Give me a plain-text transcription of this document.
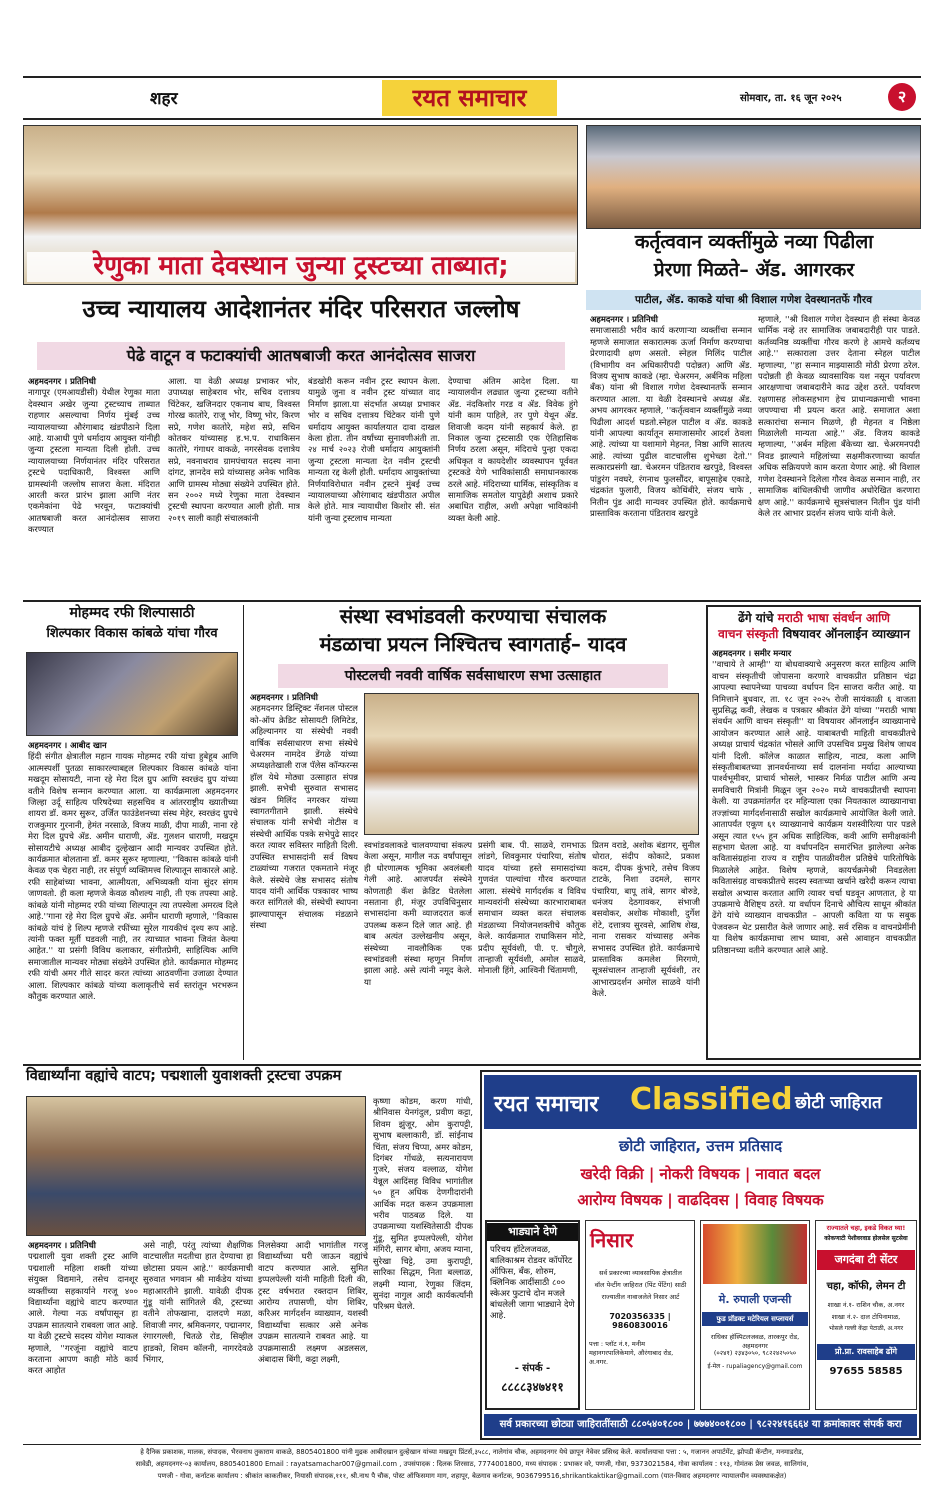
शहर	रयत समाचार	सोमवार, ता. १६ जून २०२५	२
रेणुका माता देवस्थान जुन्या ट्रस्टच्या ताब्यात;
उच्च न्यायालय आदेशानंतर मंदिर परिसरात जल्लोष
पेढे वाटून व फटाक्यांची आतषबाजी करत आनंदोत्सव साजरा
अहमदनगर । प्रतिनिधी
नागापूर (एमआयडीसी) येथील रेणुका माता देवस्थान अखेर जुन्या ट्रस्टच्याच ताब्यात राहणार असल्याचा निर्णय मुंबई उच्च न्यायालयाच्या औरंगाबाद खंडपीठाने दिला आहे. याआधी पुणे धर्मादाय आयुक्त यांनीही जुन्या ट्रस्टला मान्यता दिली होती. उच्च न्यायालयाच्या निर्णयानंतर मंदिर परिसरात ट्रस्टचे पदाधिकारी, विश्वस्त आणि ग्रामस्थांनी जल्लोष साजरा केला. मंदिरात आरती करत प्रारंभ झाला आणि नंतर एकमेकांना पेढे भरवून, फटाक्यांची आतषबाजी करत आनंदोत्सव साजरा करण्यात
आला. या वेळी अध्यक्ष प्रभाकर भोर, उपाध्यक्ष साहेबराव भोर, सचिव दत्तात्रय चिंटेकर, खजिनदार एकनाथ बाघ, विश्वस्त गोरख कातोरे, राजू भोर, विष्णू भोर, किरण सप्रे, गणेश कातोरे, महेश सप्रे, सचिन कोतकर यांच्यासह ह.भ.प. राधाकिसन कातोरे, गंगाधर वाकळे, नगरसेवक दत्तात्रेय सप्रे, नवनाथराव ग्रामपंचायत सदस्य नाना दांगट, ज्ञानदेव सप्रे यांच्यासह अनेक भाविक आणि ग्रामस्थ मोठ्या संख्येने उपस्थित होते. सन २००२ मध्ये रेणुका माता देवस्थान ट्रस्टची स्थापना करण्यात आली होती. मात्र २०१९ साली काही संचालकांनी
बंडखोरी करून नवीन ट्रस्ट स्थापन केला. यामुळे जुना व नवीन ट्रस्ट यांच्यात वाद निर्माण झाला.या संदर्भात अध्यक्ष प्रभाकर भोर व सचिव दत्तात्रय चिंटेकर यांनी पुणे धर्मादाय आयुक्त कार्यालयात दावा दाखल केला होता. तीन वर्षांच्या सुनावणीअंती ता. २४ मार्च २०२३ रोजी धर्मादाय आयुक्तांनी जुन्या ट्रस्टला मान्यता देत नवीन ट्रस्टची मान्यता रद्द केली होती. धर्मादाय आयुक्तांच्या निर्णयाविरोधात नवीन ट्रस्टने मुंबई उच्च न्यायालयाच्या औरंगाबाद खंडपीठात अपील केले होते. मात्र न्यायाधीश किशोर सी. संत यांनी जुन्या ट्रस्टलाच मान्यता
देण्याचा अंतिम आदेश दिला. या न्यायालयीन लढ्यात जुन्या ट्रस्टच्या वतीने ॲड. नंदकिशोर गरड व ॲड. विवेक हुंगे यांनी काम पाहिले, तर पुणे येथून ॲड. शिवाजी कदम यांनी सहकार्य केले. हा निकाल जुन्या ट्रस्टसाठी एक ऐतिहासिक निर्णय ठरला असून, मंदिराचे पुन्हा एकदा अधिकृत व कायदेशीर व्यवस्थापन पूर्ववत ट्रस्टकडे येणे भाविकांसाठी समाधानकारक ठरले आहे. मंदिराच्या धार्मिक, सांस्कृतिक व सामाजिक समतोल यापुढेही अशाच प्रकारे अबाधित राहील, अशी अपेक्षा भाविकांनी व्यक्त केली आहे.
कर्तृत्ववान व्यक्तींमुळे नव्या पिढीला
प्रेरणा मिळते– ॲड. आगरकर
पाटील, ॲड. काकडे यांचा श्री विशाल गणेश देवस्थानतर्फे गौरव
अहमदनगर । प्रतिनिधी
समाजासाठी भरीव कार्य करणाऱ्या व्यक्तींचा सन्मान म्हणजे समाजात सकारात्मक ऊर्जा निर्माण करण्याचा प्रेरणादायी क्षण असतो. स्नेहल मिलिंद पाटील (विभागीय वन अधिकारीपदी पदोन्नत) आणि ॲड. विजय सुभाष काकडे (म्हा. चेअरमन, अर्बनिक महिला बँक) यांना श्री विशाल गणेश देवस्थानतर्फे सन्मान करण्यात आला. या वेळी देवस्थानचे अध्यक्ष ॲड. अभय आगरकर म्हणाले, ''कर्तृत्ववान व्यक्तींमुळे नव्या पिढीला आदर्श घडतो.स्नेहल पाटील व ॲड. काकडे यांनी आपल्या कार्यातून समाजासमोर आदर्श ठेवला आहे. त्यांच्या या यशामागे मेहनत, निष्ठा आणि सातत्य आहे. त्यांच्या पुढील वाटचालीस शुभेच्छा देतो.'' सत्कारप्रसंगी खा. चेअरमन पंडितराव खरपुडे, विश्वस्त पांडुरंग नवघरे, रंगनाथ फुलसौंदर, बापूसाहेब एकाडे, चंद्रकांत फुलारी, विजय कोथिंबीरे, संजय चाफे , नितीन पुंड आदी मान्यवर उपस्थित होते. कार्यक्रमाचे प्रास्ताविक करताना पंडितराव खरपुडे
म्हणाले, ''श्री विशाल गणेश देवस्थान ही संस्था केवळ धार्मिक नव्हे तर सामाजिक जबाबदारीही पार पाडते. कर्तव्यनिष्ठ व्यक्तींचा गौरव करणे हे आमचे कर्तव्यच आहे.'' सत्काराला उत्तर देताना स्नेहल पाटील म्हणाल्या, ''हा सन्मान माझ्यासाठी मोठी प्रेरणा ठरेल. पदोन्नती ही केवळ व्यावसायिक यश नसून पर्यावरण आरक्षणाचा जबाबदारीने काढ उद्देश ठरते. पर्यावरण रक्षणासह लोकसहभाग हेच प्राधान्यक्रमाची भावना जपण्याचा मी प्रयत्न करत आहे. समाजात अशा सत्कारांचा सन्मान मिळणे, ही मेहनत व निष्ठेला मिळालेली मान्यता आहे.'' ॲड. विजय काकडे म्हणाल्या, ''अर्बन महिला बँकेच्या खा. चेअरमनपदी निवड झाल्याने महिलांच्या सक्षमीकरणाच्या कार्यात अधिक सक्रियपणे काम करता येणार आहे. श्री विशाल गणेश देवस्थानने दिलेला गौरव केवळ सन्मान नाही, तर सामाजिक बांधिलकीची जाणीव अधोरेखित करणारा क्षण आहे.'' कार्यक्रमाचे सूत्रसंचालन नितीन पुंड यांनी केले तर आभार प्रदर्शन संजय चाफे यांनी केले.
मोहम्मद रफी शिल्पासाठी
शिल्पकार विकास कांबळे यांचा गौरव
अहमदनगर । आबीद खान
हिंदी संगीत क्षेत्रातील महान गायक मोहम्मद रफी यांचा हुबेहूब आणि आत्मस्पर्शी पुतळा साकारल्याबद्दल शिल्पकार विकास कांबळे यांना मखदूम सोसायटी, नाना रहे मेरा दिल ग्रुप आणि स्वरछंद ग्रुप यांच्या वतीने विशेष सन्मान करण्यात आला. या कार्यक्रमाला अहमदनगर जिल्हा उर्दू साहित्य परिषदेच्या सहसचिव व आंतरराष्ट्रीय ख्यातीच्या शायरा डॉ. कमर सुरूर, उर्जित फाउंडेशनच्या संस्थ मेहेर, स्वरछंद ग्रुपचे राजकुमार गुरनानी, हेमंत नरसाळे, विजय माळी, दीपा माळी, नाना रहे मेरा दिल ग्रुपचे ॲड. अमीन धाराणी, ॲड. गुलशन धाराणी, मखदूम सोसायटीचे अध्यक्ष आबीद दुल्हेखान आदी मान्यवर उपस्थित होते. कार्यक्रमात बोलताना डॉ. कमर सुरूर म्हणाल्या, ''विकास कांबळे यांनी केवळ एक चेहरा नाही, तर संपूर्ण व्यक्तिमत्त्व शिल्पातून साकारले आहे. रफी साहेबांच्या भावना, आत्मीयता, अभिव्यक्ती यांना सुंदर संगम जाणवतो. ही कला म्हणजे केवळ कौशल्य नाही, ती एक तपस्या आहे. कांबळे यांनी मोहम्मद रफी यांच्या शिल्पातून त्या तपस्येला अमरत्व दिले आहे.''गाना रहे मेरा दिल ग्रुपचे ॲड. अमीन धाराणी म्हणाले, ''विकास कांबळे यांचं हे शिल्प म्हणजे रफींच्या सुरेल गायकीचं दृश्य रूप आहे. त्यांनी फक्त मूर्ती घडवली नाही, तर त्याच्यात भावना जिवंत केल्या आहेत.'' या प्रसंगी विविध कलाकार, संगीतप्रेमी, साहित्यिक आणि समाजातील मान्यवर मोठ्या संख्येने उपस्थित होते. कार्यक्रमात मोहम्मद रफी यांची अमर गीते सादर करत त्यांच्या आठवणींना उजाळा देण्यात आला. शिल्पकार कांबळे यांच्या कलाकृतीचे सर्व स्तरांतून भरभरून कौतुक करण्यात आले.
संस्था स्वभांडवली करण्याचा संचालक
मंडळाचा प्रयत्न निश्चितच स्वागतार्ह– यादव
पोस्टलची नववी वार्षिक सर्वसाधारण सभा उत्साहात
अहमदनगर । प्रतिनिधी
अहमदनगर डिस्ट्रिक्ट नॅशनल पोस्टल को-ऑप क्रेडिट सोसायटी लिमिटेड, अहिल्यानगर या संस्थेची नववी वार्षिक सर्वसाधारण सभा संस्थेचे चेअरमन नामदेव डेंगळे यांच्या अध्यक्षतेखाली राज पॅलेस कॉन्फरन्स हॉल येथे मोठ्या उत्साहात संपन्न झाली. सभेची सुरुवात सभासद खंडन मिलिंद नगरकर यांच्या स्वागतगीताने झाली. संस्थेचे संचालक यांनी सभेची नोटीस व संस्थेची आर्थिक पत्रके सभेपुढे सादर करत त्यावर सविस्तर माहिती दिली. उपस्थित सभासदांनी सर्व विषय टाळ्यांच्या गजरात एकमताने मंजूर केले. संस्थेचे जेष्ठ सभासद संतोष यादव यांनी आर्थिक पत्रकावर भाष्य करत सांगितले की, संस्थेची स्थापना झाल्यापासून संचालक मंडळाने संस्था
स्वभांडवलाकडे चालवण्याचा संकल्प केला असून, मागील नऊ वर्षांपासून ही धोरणात्मक भूमिका अवलंबली गेली आहे. आजपर्यंत संस्थेने कोणताही कॅश क्रेडिट घेतलेला नसताना ही, मंजूर उपविधिनुसार सभासदांना कमी व्याजदरात कर्ज उपलब्ध करून दिले जात आहे. ही बाब अत्यंत उल्लेखनीय असून, संस्थेच्या नावलौकिक एक स्वभांडवली संस्था म्हणून निर्माण झाला आहे. असे त्यांनी नमूद केले. या
प्रसंगी बाब. पी. साळवे, रामभाऊ लांडगे, शिवकुमार पंचारिया, संतोष यादव यांच्या हस्ते समासदांच्या गुणवंत पाल्यांचा गौरव करण्यात आला. संस्थेचे मार्गदर्शक व विविध मान्यवरांनी संस्थेच्या कारभाराबाबत समाधान व्यक्त करत संचालक मंडळाच्या नियोजनशक्तीचे कौतुक केले. कार्यक्रमात राधाकिसन मोटे, प्रदीप सूर्यवंशी, पी. ए. चौगुले, तान्हाजी सूर्यवंशी, अमोल साळवे, मोनाली हिंगे, आश्विनी चिंतामणी,
प्रितम वराडे, अशोक बंडागर, सुनील धोरात, संदीप कोकाटे, प्रकाश कदम, दीपक कुंभारे, तसेच विजय टाटके, निशा उदमले, सागर पंचारिया, बापू तांबे, सागर बोरुडे, धनंजय देठगावकर, संभाजी बसवोकर, अशोक मोकाशी, दुर्गेश शेटे, दत्तात्रय सुरवसे, आशिष शेख, नाना रासकर यांच्यासह अनेक सभासद उपस्थित होते. कार्यक्रमाचे प्रास्ताविक कमलेश मिरगणे, सूत्रसंचालन तान्हाजी सूर्यवंशी, तर आभारप्रदर्शन अमोल साळवे यांनी केले.
ढेंगे यांचे मराठी भाषा संवर्धन आणि
वाचन संस्कृती विषयावर ऑनलाईन व्याख्यान
अहमदनगर । समीर मन्यार
''वाचाये ते आम्ही'' या बोधवाक्याचे अनुसरण करत साहित्य आणि वाचन संस्कृतीची जोपासना करणारे वाचकप्रीत प्रतिष्ठान चंद्रा आपल्या स्थापनेच्या पाचव्या वर्धापन दिन साजरा करीत आहे. या निमित्ताने बुधवार, ता. १८ जून २०२५ रोजी सायंकाळी ६ वाजता सुप्रसिद्ध कवी, लेखक व पत्रकार श्रीकांत ढेंगे यांच्या ''मराठी भाषा संवर्धन आणि वाचन संस्कृती'' या विषयावर ऑनलाईन व्याख्यानाचे आयोजन करण्यात आले आहे. याबाबतची माहिती वाचकप्रीतचे अध्यक्ष प्राचार्य चंद्रकांत भोसले आणि उपसचिव प्रमुख विशेष जाधव यांनी दिली. कॉलेज काळात साहित्य, नाट्य, कला आणि संस्कृतीबाबतच्या ज्ञानवर्धनाच्या सर्व दालनांना मर्यादा आल्याच्या पार्श्वभूमीवर, प्राचार्य भोसले, भास्कर निर्मळ पाटील आणि अन्य समविचारी मित्रांनी मिळून जून २०२० मध्ये वाचकप्रीतची स्थापना केली. या उपक्रमांतर्गत दर महिन्याला एका नियतकाल व्याख्यानाचा तज्ज्ञांच्या मार्गदर्शनासाठी सखोल कार्यक्रमाचे आयोजित केली जाते. आतापर्यंत एकूण ६१ व्याख्यानाचे कार्यक्रम यशस्वीरित्या पार पडले असून त्यात १५५ हून अधिक साहित्यिक, कवी आणि समीक्षकांनी सहभाग घेतला आहे. या वर्धापनदिन समारंभित झालेल्या अनेक कवितासंग्रहांना राज्य व राष्ट्रीय पातळीवरील प्रतिष्ठेचे पारितोषिके मिळालेले आहेत. विशेष म्हणजे, कायर्चक्रमेश्री निवडलेला कवितासंग्रह वाचकप्रीतचे सदस्य स्वतःच्या खर्चाने खरेदी करून त्याचा सखोल अभ्यास करतात आणि त्यावर चर्चा घडवून आणतात, हे या उपक्रमाचे वैशिष्ट्य ठरते. या वर्धापन दिनाचे औचित्य साधून श्रीकांत ढेंगे यांचे व्याख्यान वाचकप्रीत – आपली कविता या फ सबुक पेजवरून थेट प्रसारीत केले जाणार आहे. सर्व रसिक व वाचनप्रेमींनी या विशेष कार्यक्रमाचा लाभ घ्यावा, असे आवाहन वाचकप्रीत प्रतिष्ठानच्या वतीने करण्यात आले आहे.
विद्यार्थ्यांना वह्यांचे वाटप; पद्मशाली युवाशक्ती ट्रस्टचा उपक्रम
अहमदनगर । प्रतिनिधी
पद्मशाली युवा शक्ती ट्रस्ट आणि पद्मशाली महिला शक्ती यांच्या संयुक्त विद्यमाने, तसेच दानशूर व्यक्तींच्या सहकार्याने गरजू ४०० विद्यार्थ्यांना वह्यांचे वाटप करण्यात आले. गेल्या नऊ वर्षांपासून हा उपक्रम सातत्याने राबवला जात आहे. या वेळी ट्रस्टचे सदस्य योगेश म्याकल म्हणाले, ''गरजूंना वह्यांचे वाटप करताना आपण काही मोठे कार्य करत आहोत
असे नाही, परंतु त्यांच्या शैक्षणिक वाटचालीत मदतीचा हात देण्याचा हा छोटासा प्रयत्न आहे.'' कार्यक्रमाची सुरुवात भगवान श्री मार्कंडेय यांच्या महाआरतीने झाली. यावेळी दीपक गुंडू यांनी सांगितले की, ट्रस्टच्या वतीने तोफखाना, दालदणे मळा, शिवाजी नगर, श्रमिकनगर, पद्मानगर, रंगारगल्ली, चितळे रोड, सिव्हील हाडको, शिवम कॉलनी, नागरदेवळे भिंगार,
निलसेक्या आदी भागांतील गरजू विद्यार्थ्यांच्या घरी जाऊन वह्यांचे वाटप करण्यात आले. सुमित इप्पलपेल्ली यांनी माहिती दिली की, ट्रस्ट वर्षभरात रक्तदान शिबिर, आरोग्य तपासणी, योग शिबिर, करिअर मार्गदर्शन व्याख्यान, यशस्वी विद्यार्थ्यांचा सत्कार असे अनेक उपक्रम सातत्याने राबवत आहे. या उपक्रमासाठी लक्ष्मण अडलसल, अंबादास बिंगी, कट्टा लक्ष्मी,
कृष्णा कोडम, करण गांधी, श्रीनिवास येनगंदुल, प्रवीण कट्टा, शिवम झुंजूर, ओम कुरापट्टी, सुभाष बल्लाकारी, डॉ. सांईनाथ चिंता, संजय चिप्पा, अमर कोडम, दिगंबर गोंधळे, सत्यनारायण गुजरे, संजय वल्लाळ, योगेश येन्नूल आदिंसह विविध भागांतील ५० हून अधिक देणगीदारांनी आर्थिक मदत करून उपक्रमाला भरीव पाठबळ दिले. या उपक्रमाच्या यशस्वितेसाठी दीपक गुंडू, सुमित इप्पलपेल्ली, योगेश मंगिरी, सागर बोगा, अजय म्याना, सुरेखा चिट्टे, उमा कुरापट्टी, सारिका सिद्धम, निता बल्लाळ, लक्ष्मी म्याना, रेणुका जिंदम, सुनंदा नागुल आदी कार्यकर्त्यांनी परिश्रम घेतले.
रयत समाचार Classified छोटी जाहिरात
छोटी जाहिरात, उत्तम प्रतिसाद
खरेदी विक्री | नोकरी विषयक | नावात बदल
आरोग्य विषयक | वाढदिवस | विवाह विषयक
भाड्याने देणे
परिचय हॉटेलजवळ, बालिकाश्रम रोडवर कॉर्पोरेट ऑफिस, बँक, शोरुम, क्लिनिक आदींसाठी ८०० स्केअर फुटाचे दोन मजले बांधलेली जागा भाड्याने देणे आहे.
- संपर्क -
८८८८३४७४११
निसार
सर्व प्रकारच्या व्यावसायिक क्षेत्रातील
वॉल पेन्टींग जाहिरात (पिंट पेंटिंग) साठी
राज्यातील नावाजलेले निसार आर्ट
7020356335 | 9860830016
पत्ता : प्लॉट नं.१, मनीम महानगरपालिकेमागे, औरंगाबाद रोड, अ.नगर.
मे. रुपाली एजन्सी
फुड प्रॉडक्ट मटेरियल सप्लायर्स
राधिका हॉस्पिटलजवळ, तारकपुर रोड, अहमदनगर
(०२४१) २३४३०५०, ९८२२४२५०५०
ई-मेल - rupaliagency@gmail.com
राज्यातले चहा, इकडे विकत घ्या!
कोकणाटी पेशीवरवाड होलसेल सुटसेवा
जगदंबा टी सेंटर
चहा, कॉफी, लेमन टी
शाखा नं.१- राशिन चौक, अ.नगर
शाखा नं.२- दाल टोपिनामाळ,
भोसले गल्ली केंद्रा पेटाळी, अ.नगर
प्रो.प्रा. रावसाहेब ढोंगे
97655 58585
सर्व प्रकारच्या छोट्या जाहिरातींसाठी ८८०५४०१८०० | ७७७४००१८०० | ९८२२४१६६६४ या क्रमांकावर संपर्क करा
हे दैनिक प्रकाशक, मालक, संपादक, भैरवनाथ तुकाराम वाकळे, 8805401800 यांनी मुद्रक आबीदखान दुल्हेखान यांच्या मखदूम प्रिंटर्स,३५८८, नालेगांव चौक, अहमदनगर येथे छापून नेवेवर प्रसिध्द केले. कार्यालयाचा पत्ता : ५, गजानन अपार्टमेंट, झोपडी कॅन्टीन, मनमाडरोड,
सावेडी, अहमदनगर-०३ कार्यालय, 8805401800 Email : rayatsamachar007@gmail.com , उपसंपादक : दिलक शिरसाठ, 7774001800, मध्य संपादक : प्रभाकर वरे, पणजी, गोवा, 9373021584, गोवा कार्यालय : ११३, गोमंतक प्रेस जवळ, सालिगांव,
पणजी - गोवा, कर्नाटक कार्यालय : श्रीकांत काकतीकर, नियासी संपादक,१११, श्री.नाथ पै चौक, पोस्ट ऑफिसमाग माग, शहापूर, बेळगाव कर्नाटक, 9036799516,shrikantkaktikar@gmail.com (यात-विवाद अहमदनगर न्यायालयीन व्यवस्थाकक्षेत)
